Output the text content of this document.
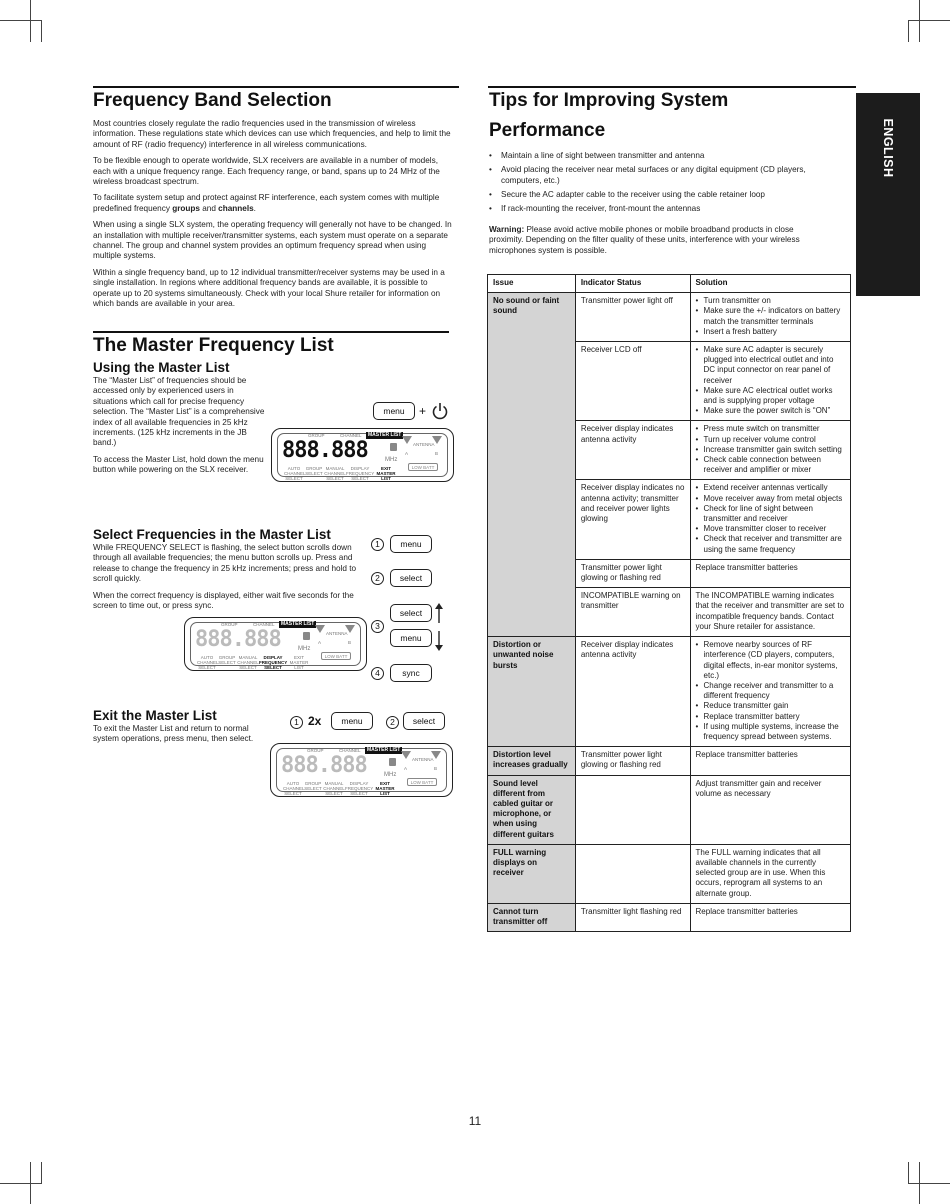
ENGLISH
Frequency Band Selection

Most countries closely regulate the radio frequencies used in the transmission of wireless information. These regulations state which devices can use which frequencies, and help to limit the amount of RF (radio frequency) interference in all wireless communications.

To be flexible enough to operate worldwide, SLX receivers are available in a number of models, each with a unique frequency range. Each frequency range, or band, spans up to 24 MHz of the wireless broadcast spectrum.

To facilitate system setup and protect against RF interference, each system comes with multiple predefined frequency groups and channels.

When using a single SLX system, the operating frequency will generally not have to be changed. In an installation with multiple receiver/transmitter systems, each system must operate on a separate channel. The group and channel system provides an optimum frequency spread when using multiple systems.

Within a single frequency band, up to 12 individual transmitter/receiver systems may be used in a single installation. In regions where additional frequency bands are available, it is possible to operate up to 20 systems simultaneously. Check with your local Shure retailer for information on which bands are available in your area.

The Master Frequency List
Using the Master List

The “Master List” of frequencies should be accessed only by experienced users in situations which call for precise frequency selection. The “Master List” is a comprehensive index of all available frequencies in 25 kHz increments. (125 kHz increments in the JB band.)

To access the Master List, hold down the menu button while powering on the SLX receiver.

menu	+
GROUP	CHANNEL	MASTER LIST
888.888	MHz
ANTENNA
A	B
LOW BATT
AUTO CHANNEL SELECT
GROUP SELECT
MANUAL CHANNEL SELECT
DISPLAY FREQUENCY SELECT
EXIT MASTER LIST
Select Frequencies in the Master List

While FREQUENCY SELECT is flashing, the select button scrolls down through all available frequencies; the menu button scrolls up. Press and release to change the frequency in 25 kHz increments; press and hold to scroll quickly.

When the correct frequency is displayed, either wait five seconds for the screen to time out, or press sync.

1	menu
2	select
3
select
menu
4	sync
GROUP	CHANNEL	MASTER LIST
888.888	MHz
ANTENNA
A	B
LOW BATT
AUTO CHANNEL SELECT
GROUP SELECT
MANUAL CHANNEL SELECT
DISPLAY FREQUENCY SELECT
EXIT MASTER LIST
Exit the Master List

To exit the Master List and return to normal system operations, press menu, then select.

1 2x	menu	2	select
GROUP	CHANNEL	MASTER LIST
888.888	MHz
ANTENNA
A	B
LOW BATT
AUTO CHANNEL SELECT
GROUP SELECT
MANUAL CHANNEL SELECT
DISPLAY FREQUENCY SELECT
EXIT MASTER LIST
Tips for Improving System
Performance
• Maintain a line of sight between transmitter and antenna
• Avoid placing the receiver near metal surfaces or any digital equipment (CD players, computers, etc.)
• Secure the AC adapter cable to the receiver using the cable retainer loop
• If rack-mounting the receiver, front-mount the antennas

Warning: Please avoid active mobile phones or mobile broadband products in close proximity. Depending on the filter quality of these units, interference with your wireless microphones system is possible.

Issue	Indicator Status	Solution
No sound or faint sound	Transmitter power light off	• Turn transmitter on
• Make sure the +/- indicators on battery match the transmitter terminals
• Insert a fresh battery

	Receiver LCD off	• Make sure AC adapter is securely plugged into electrical outlet and into DC input connector on rear panel of receiver
• Make sure AC electrical outlet works and is supplying proper voltage
• Make sure the power switch is “ON”

	Receiver display indicates antenna activity	• Press mute switch on transmitter
• Turn up receiver volume control
• Increase transmitter gain switch setting
• Check cable connection between receiver and amplifier or mixer

	Receiver display indicates no antenna activity; transmitter and receiver power lights glowing	• Extend receiver antennas vertically
• Move receiver away from metal objects
• Check for line of sight between transmitter and receiver
• Move transmitter closer to receiver
• Check that receiver and transmitter are using the same frequency

	Transmitter power light glowing or flashing red	Replace transmitter batteries
	INCOMPATIBLE warning on transmitter	The INCOMPATIBLE warning indicates that the receiver and transmitter are set to incompatible frequency bands. Contact your Shure retailer for assistance.
Distortion or unwanted noise bursts	Receiver display indicates antenna activity	• Remove nearby sources of RF interference (CD players, computers, digital effects, in-ear monitor systems, etc.)
• Change receiver and transmitter to a different frequency
• Reduce transmitter gain
• Replace transmitter battery
• If using multiple systems, increase the frequency spread between systems.

Distortion level increases gradually	Transmitter power light glowing or flashing red	Replace transmitter batteries
Sound level different from cabled guitar or microphone, or when using different guitars		Adjust transmitter gain and receiver volume as necessary
FULL warning displays on receiver		The FULL warning indicates that all available channels in the currently selected group are in use. When this occurs, reprogram all systems to an alternate group.
Cannot turn transmitter off	Transmitter light flashing red	Replace transmitter batteries
11
